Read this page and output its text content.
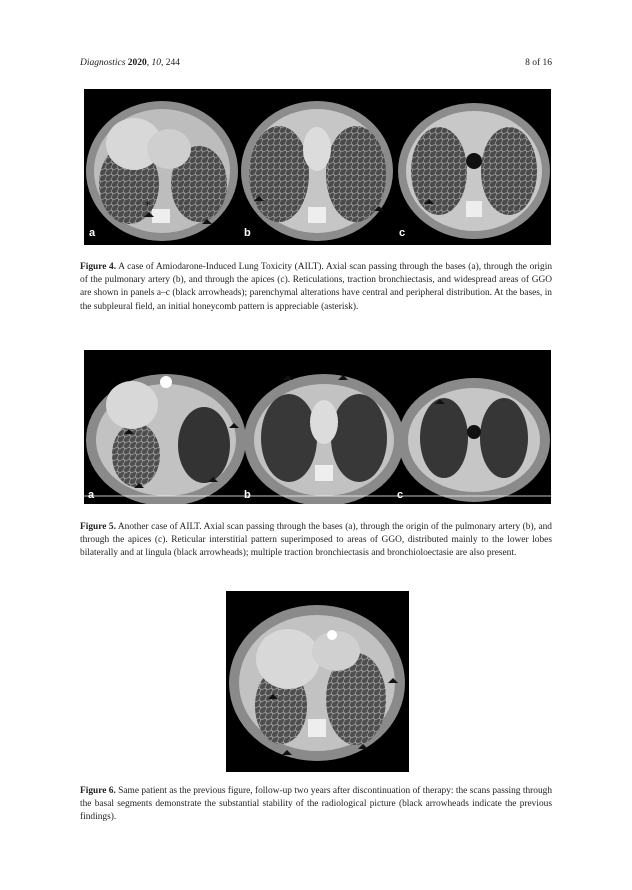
Diagnostics 2020, 10, 244	8 of 16
*
a	b	c
Figure 4. A case of Amiodarone-Induced Lung Toxicity (AILT). Axial scan passing through the bases (a), through the origin of the pulmonary artery (b), and through the apices (c). Reticulations, traction bronchiectasis, and widespread areas of GGO are shown in panels a–c (black arrowheads); parenchymal alterations have central and peripheral distribution. At the bases, in the subpleural field, an initial honeycomb pattern is appreciable (asterisk).
a	b	c
Figure 5. Another case of AILT. Axial scan passing through the bases (a), through the origin of the pulmonary artery (b), and through the apices (c). Reticular interstitial pattern superimposed to areas of GGO, distributed mainly to the lower lobes bilaterally and at lingula (black arrowheads); multiple traction bronchiectasis and bronchioloectasie are also present.
Figure 6. Same patient as the previous figure, follow-up two years after discontinuation of therapy: the scans passing through the basal segments demonstrate the substantial stability of the radiological picture (black arrowheads indicate the previous findings).
